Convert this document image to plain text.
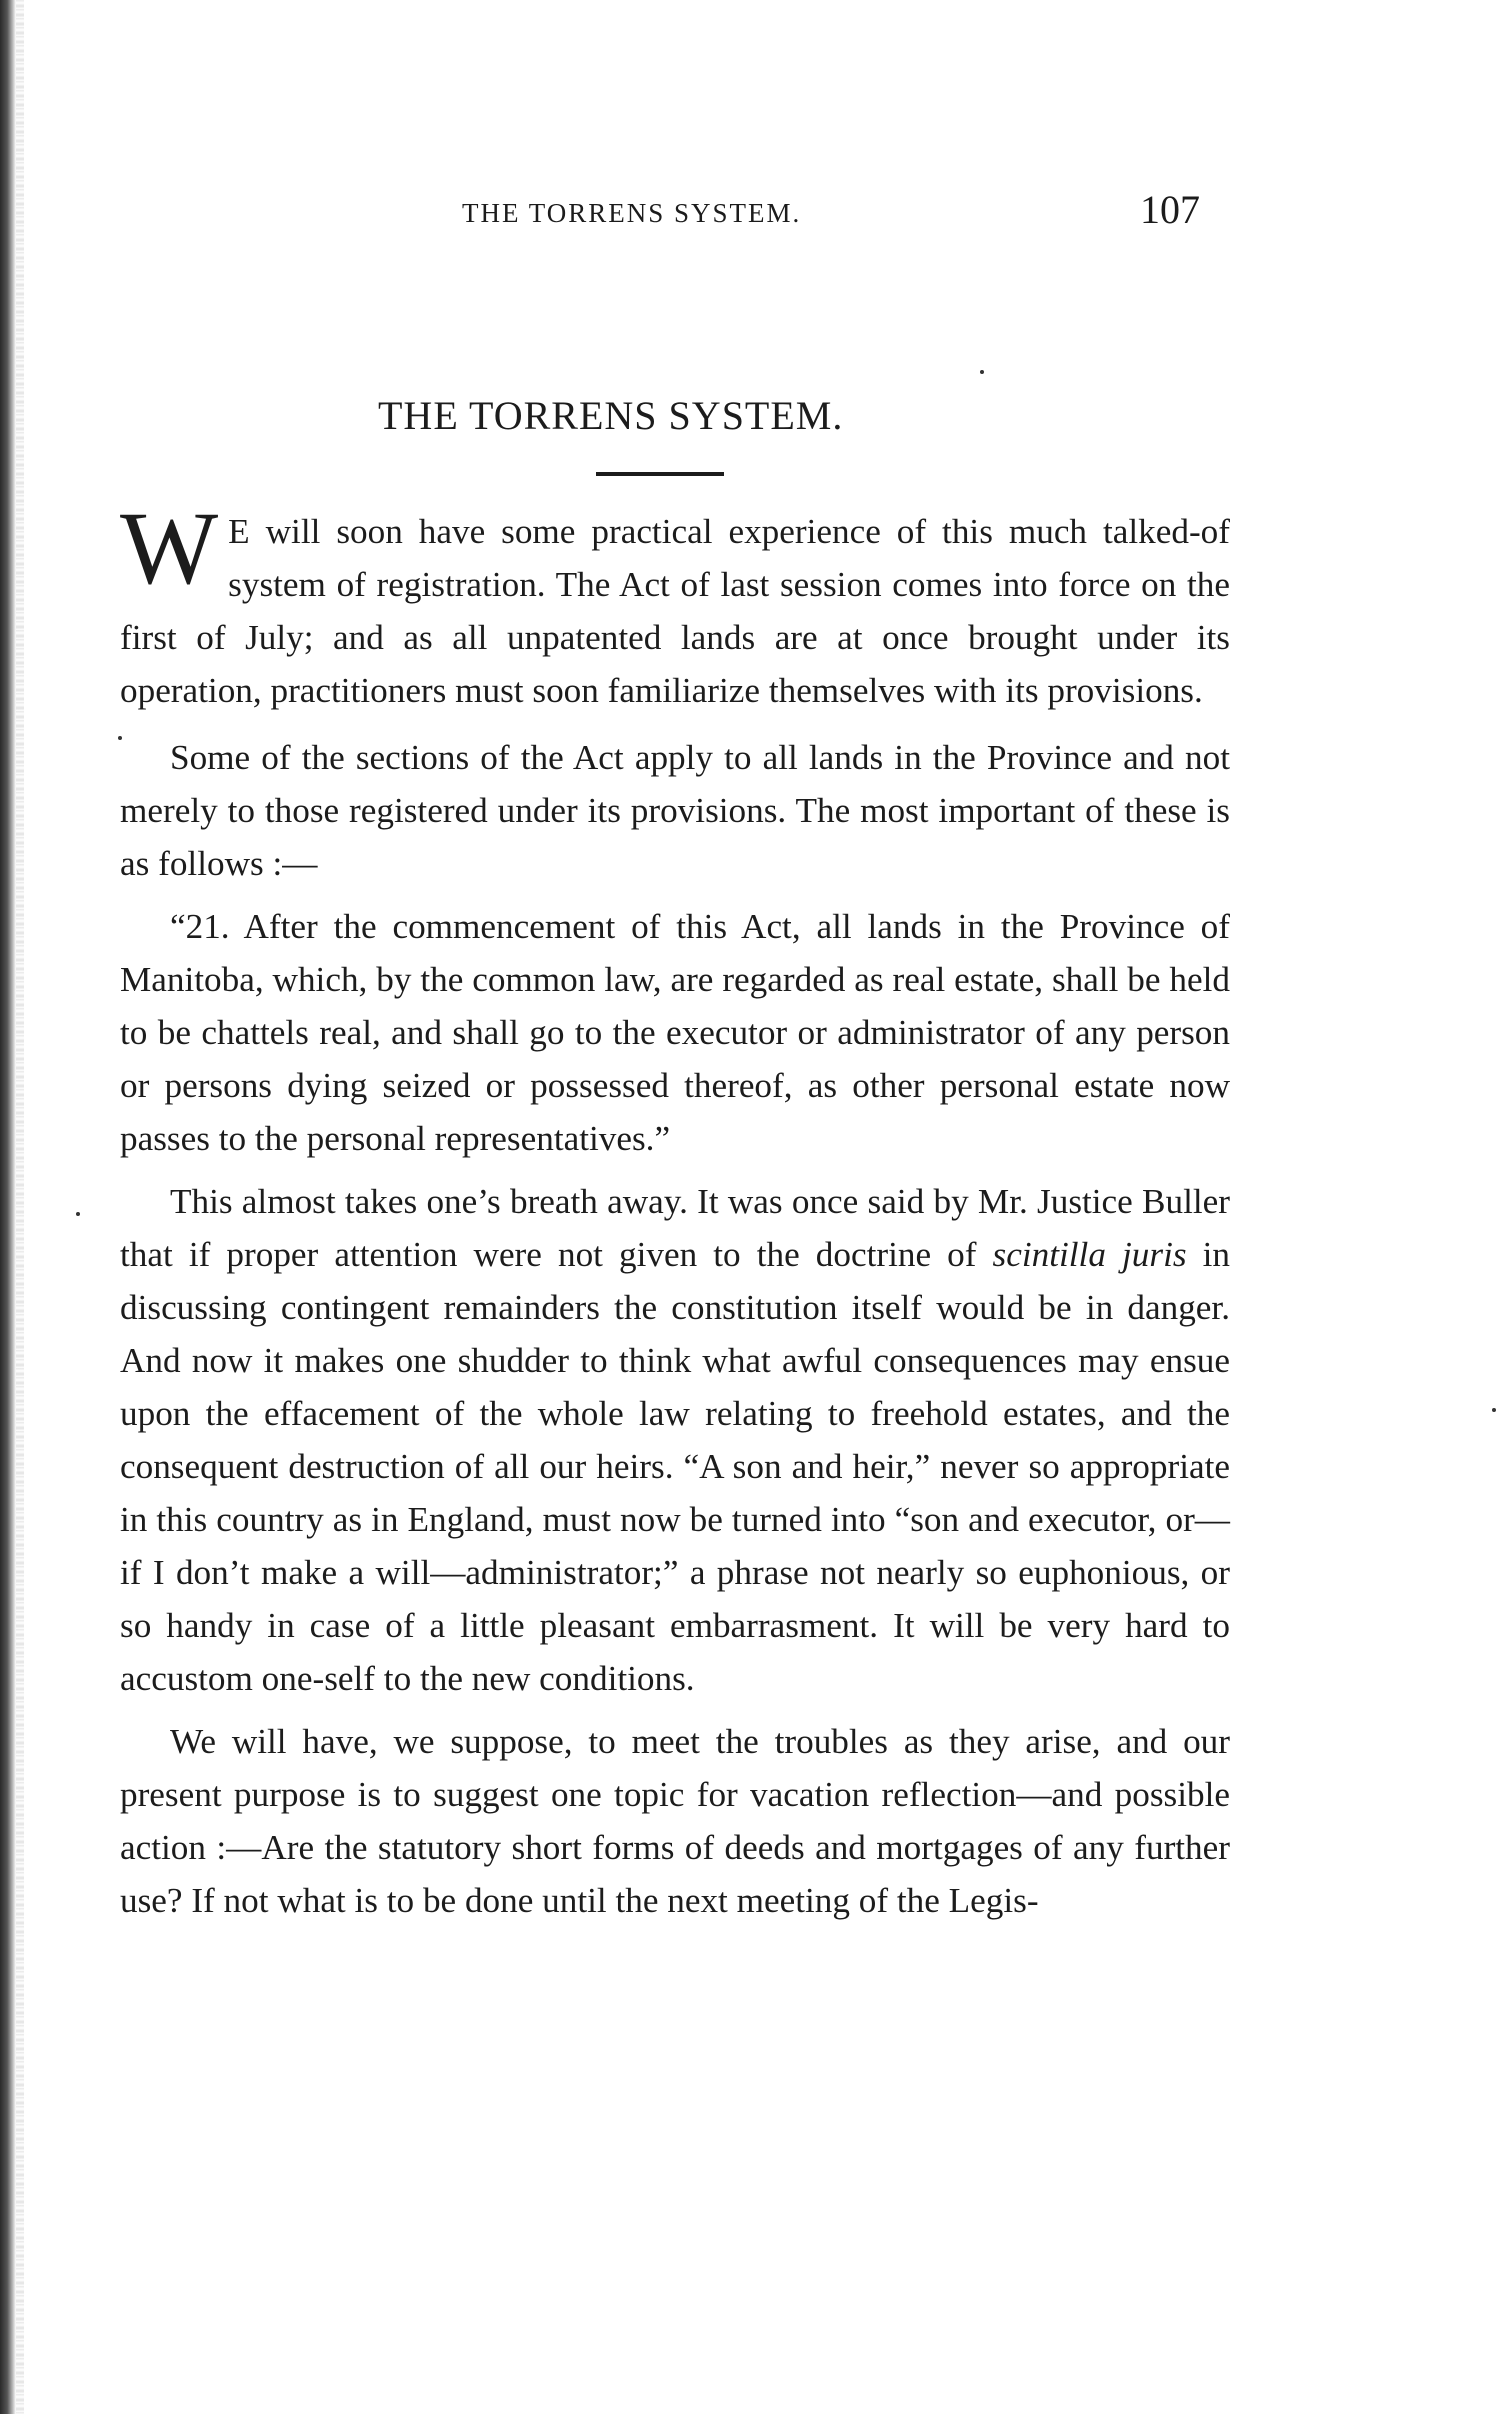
THE TORRENS SYSTEM.	107
THE TORRENS SYSTEM.

W E will soon have some practical experience of this much talked-of system of registration. The Act of last session comes into force on the first of July; and as all unpatented lands are at once brought under its operation, practitioners must soon familiarize themselves with its provisions.

Some of the sections of the Act apply to all lands in the Province and not merely to those registered under its provisions. The most important of these is as follows :—

“21. After the commencement of this Act, all lands in the Province of Manitoba, which, by the common law, are regarded as real estate, shall be held to be chattels real, and shall go to the executor or administrator of any person or persons dying seized or possessed thereof, as other personal estate now passes to the personal representatives.”

This almost takes one’s breath away. It was once said by Mr. Justice Buller that if proper attention were not given to the doctrine of scintilla juris in discussing contingent remainders the constitution itself would be in danger. And now it makes one shudder to think what awful consequences may ensue upon the effacement of the whole law relating to freehold estates, and the consequent destruction of all our heirs. “A son and heir,” never so appropriate in this country as in England, must now be turned into “son and executor, or—if I don’t make a will—administrator;” a phrase not nearly so euphonious, or so handy in case of a little pleasant embarrasment. It will be very hard to accustom one-self to the new conditions.

We will have, we suppose, to meet the troubles as they arise, and our present purpose is to suggest one topic for vacation reflection—and possible action :—Are the statutory short forms of deeds and mortgages of any further use? If not what is to be done until the next meeting of the Legis-
